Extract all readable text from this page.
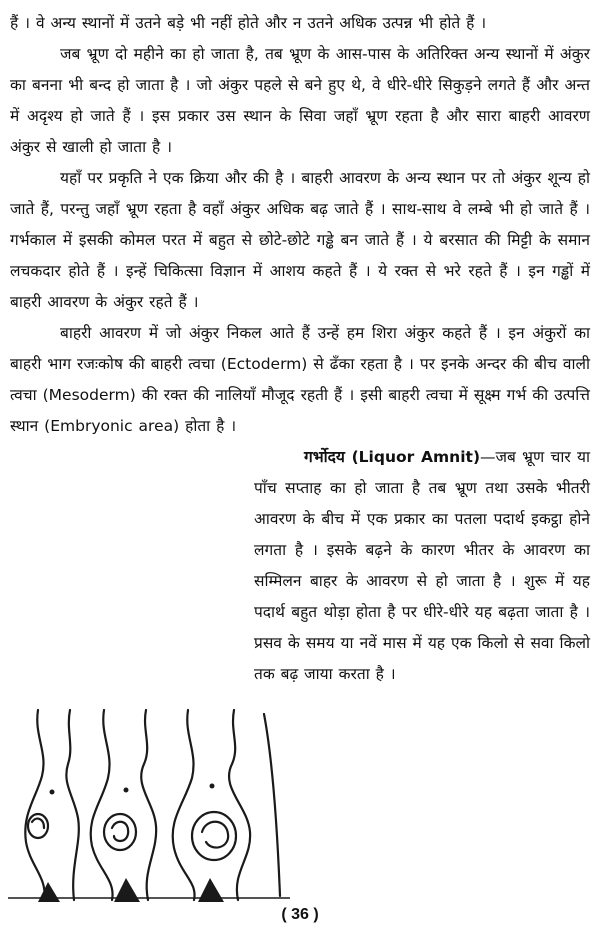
हैं । वे अन्य स्थानों में उतने बड़े भी नहीं होते और न उतने अधिक उत्पन्न भी होते हैं ।

जब भ्रूण दो महीने का हो जाता है, तब भ्रूण के आस-पास के अतिरिक्त अन्य स्थानों में अंकुर का बनना भी बन्द हो जाता है । जो अंकुर पहले से बने हुए थे, वे धीरे-धीरे सिकुड़ने लगते हैं और अन्त में अदृश्य हो जाते हैं । इस प्रकार उस स्थान के सिवा जहाँ भ्रूण रहता है और सारा बाहरी आवरण अंकुर से खाली हो जाता है ।

यहाँ पर प्रकृति ने एक क्रिया और की है । बाहरी आवरण के अन्य स्थान पर तो अंकुर शून्य हो जाते हैं, परन्तु जहाँ भ्रूण रहता है वहाँ अंकुर अधिक बढ़ जाते हैं । साथ-साथ वे लम्बे भी हो जाते हैं । गर्भकाल में इसकी कोमल परत में बहुत से छोटे-छोटे गड्ढे बन जाते हैं । ये बरसात की मिट्टी के समान लचकदार होते हैं । इन्हें चिकित्सा विज्ञान में आशय कहते हैं । ये रक्त से भरे रहते हैं । इन गड्ढों में बाहरी आवरण के अंकुर रहते हैं ।

बाहरी आवरण में जो अंकुर निकल आते हैं उन्हें हम शिरा अंकुर कहते हैं । इन अंकुरों का बाहरी भाग रजःकोष की बाहरी त्वचा (Ectoderm) से ढँका रहता है । पर इनके अन्दर की बीच वाली त्वचा (Mesoderm) की रक्त की नालियाँ मौजूद रहती हैं । इसी बाहरी त्वचा में सूक्ष्म गर्भ की उत्पत्ति स्थान (Embryonic area) होता है ।

गर्भोदय (Liquor Amnit)—जब भ्रूण चार या पाँच सप्ताह का हो जाता है तब भ्रूण तथा उसके भीतरी आवरण के बीच में एक प्रकार का पतला पदार्थ इकट्ठा होने लगता है । इसके बढ़ने के कारण भीतर के आवरण का सम्मिलन बाहर के आवरण से हो जाता है । शुरू में यह पदार्थ बहुत थोड़ा होता है पर धीरे-धीरे यह बढ़ता जाता है । प्रसव के समय या नवें मास में यह एक किलो से सवा किलो तक बढ़ जाया करता है ।

( 36 )
